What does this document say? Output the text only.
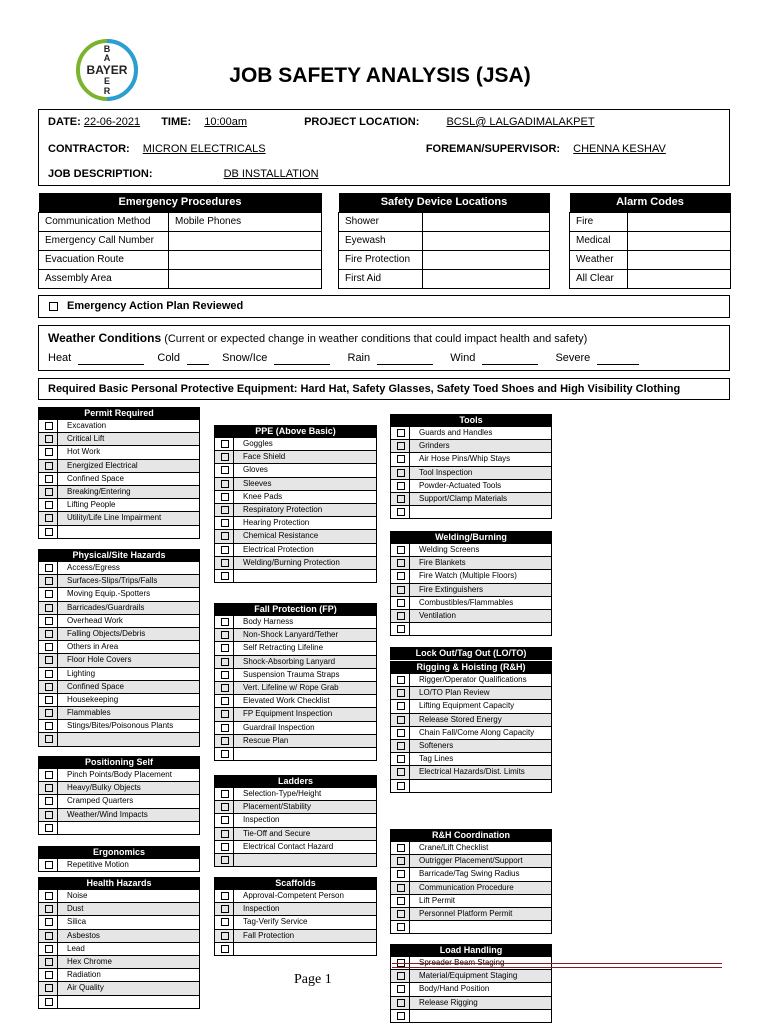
B
A
BAYER
E
R
JOB SAFETY ANALYSIS (JSA)
DATE: 22-06-2021 TIME: 10:00am	PROJECT LOCATION: BCSL@ LALGADIMALAKPET
CONTRACTOR: MICRON ELECTRICALS	FOREMAN/SUPERVISOR: CHENNA KESHAV
JOB DESCRIPTION:	DB INSTALLATION
Emergency Procedures	
Communication Method	Mobile Phones
Emergency Call Number	
Evacuation Route	
Assembly Area	
Safety Device Locations	
Shower	
Eyewash	
Fire Protection	
First Aid	
Alarm Codes	
Fire	
Medical	
Weather	
All Clear	
Emergency Action Plan Reviewed
Weather Conditions (Current or expected change in weather conditions that could impact health and safety)
Heat	Cold	Snow/Ice	Rain	Wind	Severe
Required Basic Personal Protective Equipment: Hard Hat, Safety Glasses, Safety Toed Shoes and High Visibility Clothing
Permit Required
Excavation
Critical Lift
Hot Work
Energized Electrical
Confined Space
Breaking/Entering
Lifting People
Utility/Life Line Impairment
Physical/Site Hazards
Access/Egress
Surfaces-Slips/Trips/Falls
Moving Equip.-Spotters
Barricades/Guardrails
Overhead Work
Falling Objects/Debris
Others in Area
Floor Hole Covers
Lighting
Confined Space
Housekeeping
Flammables
Stings/Bites/Poisonous Plants
Positioning Self
Pinch Points/Body Placement
Heavy/Bulky Objects
Cramped Quarters
Weather/Wind Impacts
Ergonomics
Repetitive Motion
Health Hazards
Noise
Dust
Silica
Asbestos
Lead
Hex Chrome
Radiation
Air Quality
PPE (Above Basic)
Goggles
Face Shield
Gloves
Sleeves
Knee Pads
Respiratory Protection
Hearing Protection
Chemical Resistance
Electrical Protection
Welding/Burning Protection
Fall Protection (FP)
Body Harness
Non-Shock Lanyard/Tether
Self Retracting Lifeline
Shock-Absorbing Lanyard
Suspension Trauma Straps
Vert. Lifeline w/ Rope Grab
Elevated Work Checklist
FP Equipment Inspection
Guardrail Inspection
Rescue Plan
Ladders
Selection-Type/Height
Placement/Stability
Inspection
Tie-Off and Secure
Electrical Contact Hazard
Scaffolds
Approval-Competent Person
Inspection
Tag-Verify Service
Fall Protection
Tools
Guards and Handles
Grinders
Air Hose Pins/Whip Stays
Tool Inspection
Powder-Actuated Tools
Support/Clamp Materials
Welding/Burning
Welding Screens
Fire Blankets
Fire Watch (Multiple Floors)
Fire Extinguishers
Combustibles/Flammables
Ventilation
Lock Out/Tag Out (LO/TO)
Rigging & Hoisting (R&H)
Rigger/Operator Qualifications
LO/TO Plan Review
Lifting Equipment Capacity
Release Stored Energy
Chain Fall/Come Along Capacity
Softeners
Tag Lines
Electrical Hazards/Dist. Limits
R&H Coordination
Crane/Lift Checklist
Outrigger Placement/Support
Barricade/Tag Swing Radius
Communication Procedure
Lift Permit
Personnel Platform Permit
Load Handling
Material/Equipment Staging
Body/Hand Position
Release Rigging
Page 1
